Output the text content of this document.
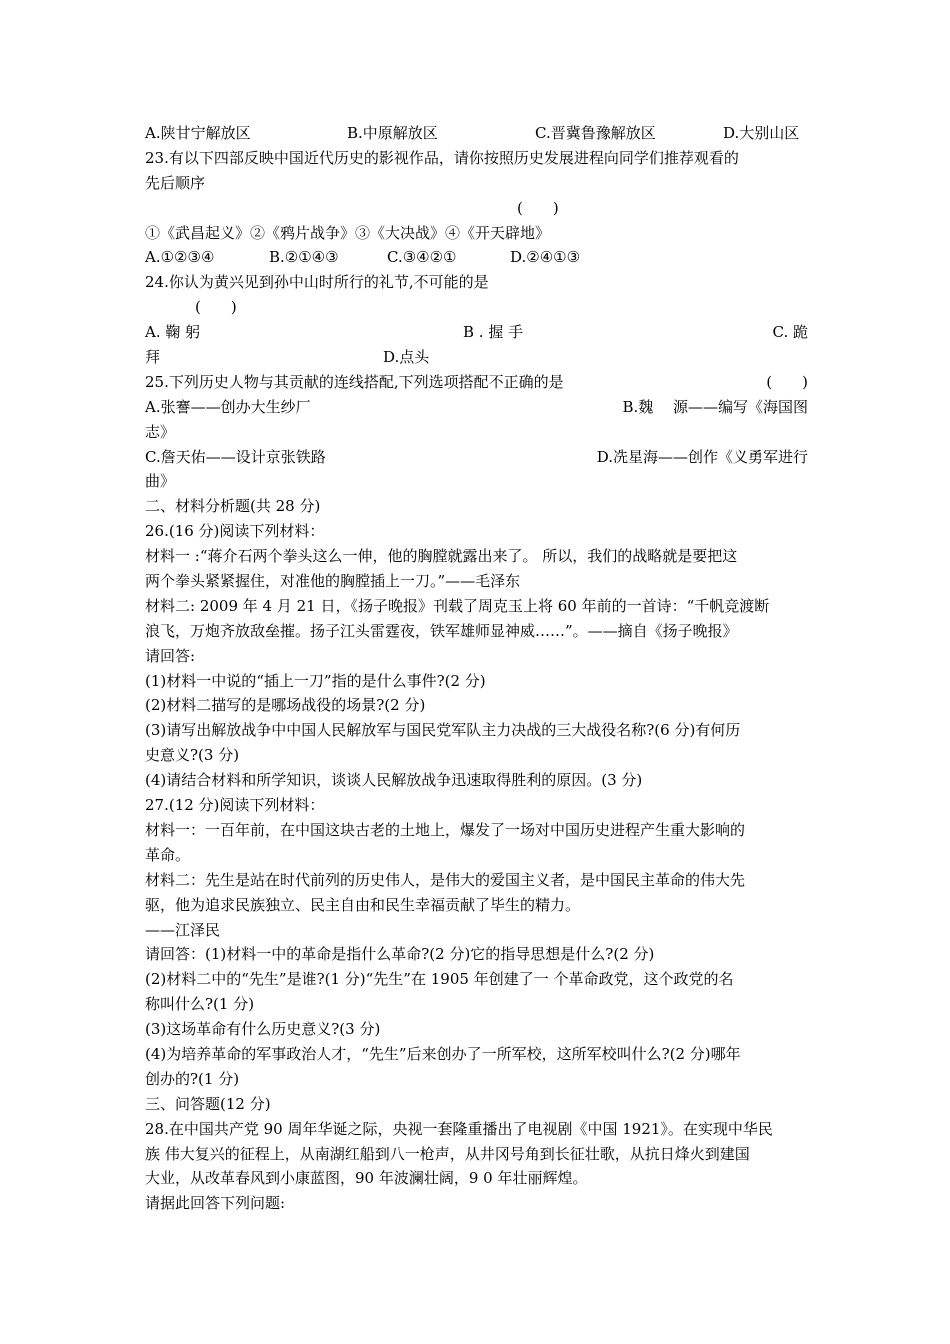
A.陕甘宁解放区	B.中原解放区	C.晋冀鲁豫解放区	D.大别山区
23.有以下四部反映中国近代历史的影视作品，请你按照历史发展进程向同学们推荐观看的
先后顺序
(　　)
①《武昌起义》②《鸦片战争》③《大决战》④《开天辟地》
A.①②③④	B.②①④③	C.③④②①	D.②④①③
24.你认为黄兴见到孙中山时所行的礼节,不可能的是
(　　)
A. 鞠 躬	B . 握 手	C. 跪
拜	D.点头
25.下列历史人物与其贡献的连线搭配,下列选项搭配不正确的是	(　　)
A.张謇——创办大生纱厂	B.魏　 源——编写《海国图
志》
C.詹天佑——设计京张铁路	D.冼星海——创作《义勇军进行
曲》
二、材料分析题(共 28 分)
26.(16 分)阅读下列材料：
材料一 :“蒋介石两个拳头这么一伸，他的胸膛就露出来了。 所以，我们的战略就是要把这
两个拳头紧紧握住，对准他的胸膛插上一刀。”——毛泽东
材料二: 2009 年 4 月 21 日，《扬子晚报》刊载了周克玉上将 60 年前的一首诗：“千帆竞渡断
浪飞，万炮齐放敌垒摧。扬子江头雷霆夜，铁军雄师显神威……”。——摘自《扬子晚报》
请回答:
(1)材料一中说的“插上一刀”指的是什么事件?(2 分)
(2)材料二描写的是哪场战役的场景?(2 分)
(3)请写出解放战争中中国人民解放军与国民党军队主力决战的三大战役名称?(6 分)有何历
史意义?(3 分)
(4)请结合材料和所学知识，谈谈人民解放战争迅速取得胜利的原因。(3 分)
27.(12 分)阅读下列材料：
材料一：一百年前，在中国这块古老的土地上，爆发了一场对中国历史进程产生重大影响的
革命。
材料二：先生是站在时代前列的历史伟人，是伟大的爱国主义者，是中国民主革命的伟大先
驱，他为追求民族独立、民主自由和民生幸福贡献了毕生的精力。
——江泽民
请回答：(1)材料一中的革命是指什么革命?(2 分)它的指导思想是什么?(2 分)
(2)材料二中的“先生”是谁?(1 分)“先生”在 1905 年创建了一 个革命政党，这个政党的名
称叫什么?(1 分)
(3)这场革命有什么历史意义?(3 分)
(4)为培养革命的军事政治人才，“先生”后来创办了一所军校，这所军校叫什么?(2 分)哪年
创办的?(1 分)
三、问答题(12 分)
28.在中国共产党 90 周年华诞之际，央视一套隆重播出了电视剧《中国 1921》。在实现中华民
族 伟大复兴的征程上，从南湖红船到八一枪声，从井冈号角到长征壮歌，从抗日烽火到建国
大业，从改革春风到小康蓝图，90 年波澜壮阔，9 0 年壮丽辉煌。
请据此回答下列问题:
